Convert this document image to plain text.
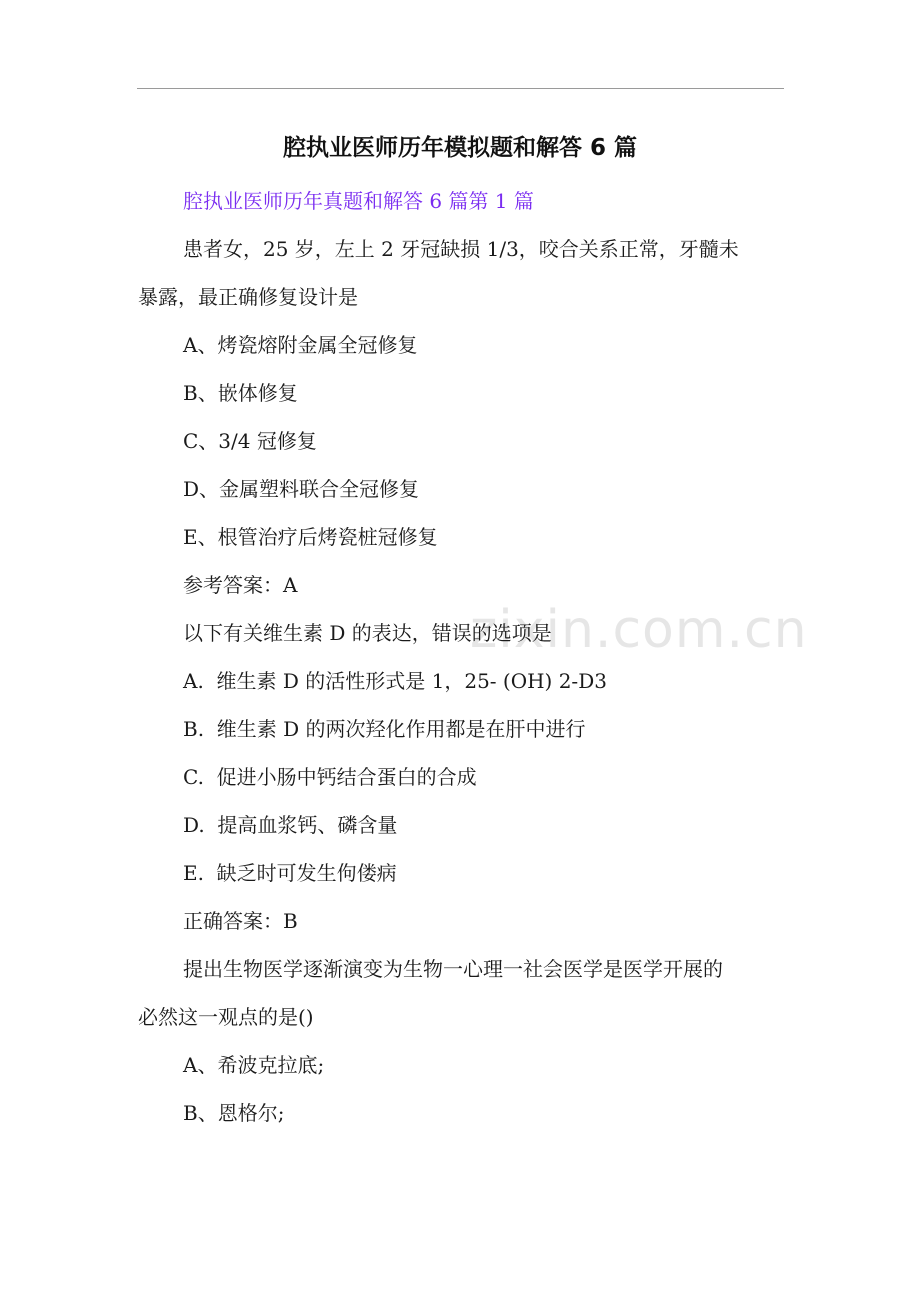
腔执业医师历年模拟题和解答 6 篇
zixin.com.cn

腔执业医师历年真题和解答 6 篇第 1 篇

患者女，25 岁，左上 2 牙冠缺损 1/3，咬合关系正常，牙髓未

暴露，最正确修复设计是

A、烤瓷熔附金属全冠修复

B、嵌体修复

C、3/4 冠修复

D、金属塑料联合全冠修复

E、根管治疗后烤瓷桩冠修复

参考答案：A

以下有关维生素 D 的表达，错误的选项是

A.  维生素 D 的活性形式是 1，25- (OH) 2-D3

B.  维生素 D 的两次羟化作用都是在肝中进行

C.  促进小肠中钙结合蛋白的合成

D.  提高血浆钙、磷含量

E.  缺乏时可发生佝偻病

正确答案：B

提出生物医学逐渐演变为生物一心理一社会医学是医学开展的

必然这一观点的是()

A、希波克拉底;

B、恩格尔;
